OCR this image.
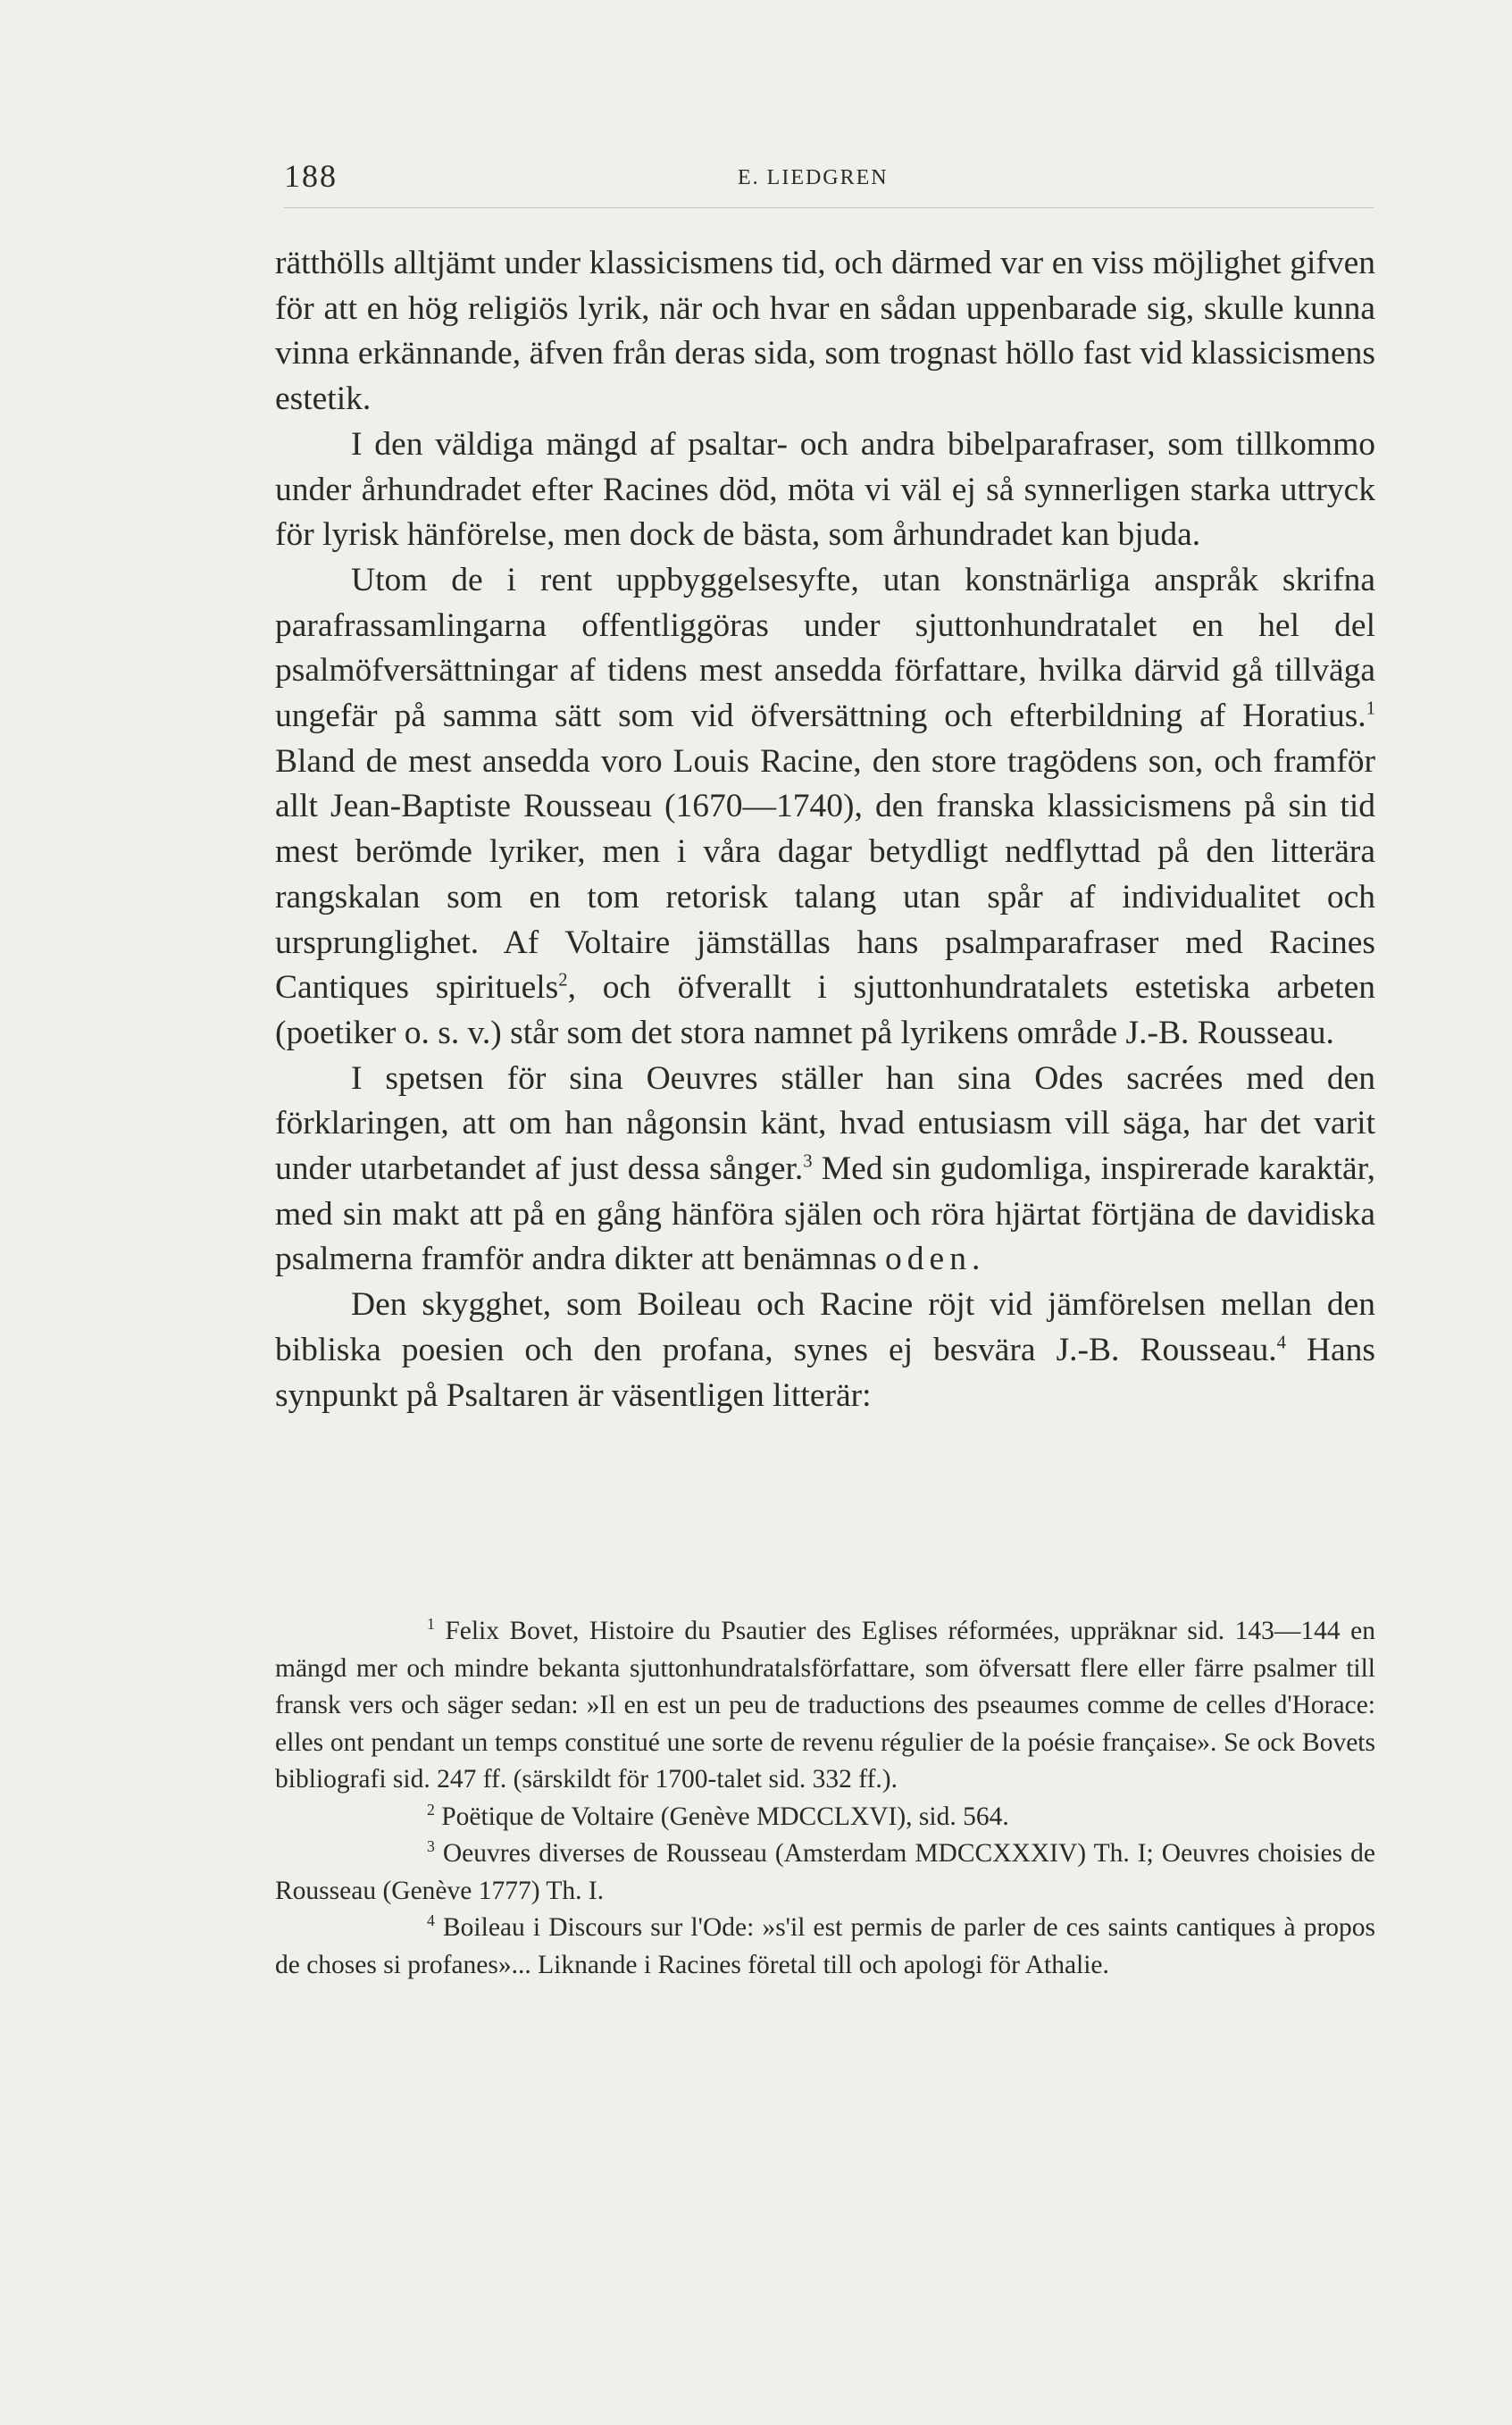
188	E. LIEDGREN

rätthölls alltjämt under klassicismens tid, och därmed var en viss möjlighet gifven för att en hög religiös lyrik, när och hvar en sådan uppenbarade sig, skulle kunna vinna erkännande, äfven från deras sida, som trognast höllo fast vid klassicismens estetik.

I den väldiga mängd af psaltar- och andra bibelparafraser, som tillkommo under århundradet efter Racines död, möta vi väl ej så synnerligen starka uttryck för lyrisk hänförelse, men dock de bästa, som århundradet kan bjuda.

Utom de i rent uppbyggelsesyfte, utan konstnärliga anspråk skrifna parafrassamlingarna offentliggöras under sjuttonhundratalet en hel del psalmöfversättningar af tidens mest ansedda författare, hvilka därvid gå tillväga ungefär på samma sätt som vid öfversättning och efterbildning af Horatius.$^1$ Bland de mest ansedda voro Louis Racine, den store tragödens son, och framför allt Jean-Baptiste Rousseau (1670—1740), den franska klassicismens på sin tid mest berömde lyriker, men i våra dagar betydligt nedflyttad på den litterära rangskalan som en tom retorisk talang utan spår af individualitet och ursprunglighet. Af Voltaire jämställas hans psalmparafraser med Racines Cantiques spirituels$^2$, och öfverallt i sjuttonhundratalets estetiska arbeten (poetiker o. s. v.) står som det stora namnet på lyrikens område J.-B. Rousseau.

I spetsen för sina Oeuvres ställer han sina Odes sacrées med den förklaringen, att om han någonsin känt, hvad entusiasm vill säga, har det varit under utarbetandet af just dessa sånger.$^3$ Med sin gudomliga, inspirerade karaktär, med sin makt att på en gång hänföra själen och röra hjärtat förtjäna de davidiska psalmerna framför andra dikter att benämnas oden.

Den skygghet, som Boileau och Racine röjt vid jämförelsen mellan den bibliska poesien och den profana, synes ej besvära J.-B. Rousseau.$^4$ Hans synpunkt på Psaltaren är väsentligen litterär:

1 Felix Bovet, Histoire du Psautier des Eglises réformées, uppräknar sid. 143—144 en mängd mer och mindre bekanta sjuttonhundratalsförfattare, som öfversatt flere eller färre psalmer till fransk vers och säger sedan: »Il en est un peu de traductions des pseaumes comme de celles d'Horace: elles ont pendant un temps constitué une sorte de revenu régulier de la poésie française». Se ock Bovets bibliografi sid. 247 ff. (särskildt för 1700-talet sid. 332 ff.).

2 Poëtique de Voltaire (Genève MDCCLXVI), sid. 564.

3 Oeuvres diverses de Rousseau (Amsterdam MDCCXXXIV) Th. I; Oeuvres choisies de Rousseau (Genève 1777) Th. I.

4 Boileau i Discours sur l'Ode: »s'il est permis de parler de ces saints cantiques à propos de choses si profanes»... Liknande i Racines företal till och apologi för Athalie.
